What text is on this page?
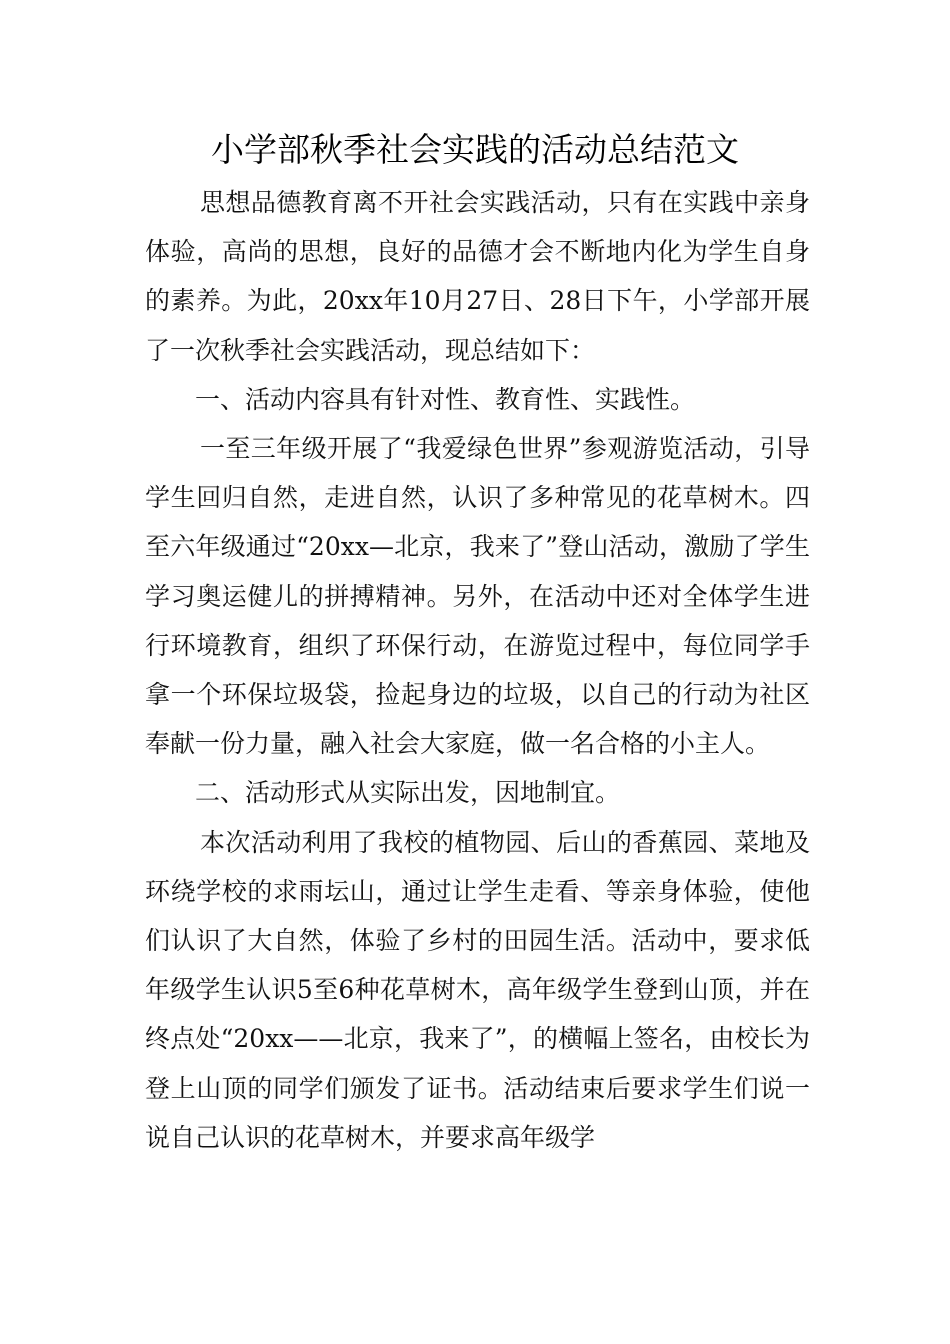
小学部秋季社会实践的活动总结范文

思想品德教育离不开社会实践活动，只有在实践中亲身体验，高尚的思想，良好的品德才会不断地内化为学生自身的素养。为此，20xx年10月27日、28日下午，小学部开展了一次秋季社会实践活动，现总结如下：

一、活动内容具有针对性、教育性、实践性。

一至三年级开展了“我爱绿色世界”参观游览活动，引导学生回归自然，走进自然，认识了多种常见的花草树木。四至六年级通过“20xx—北京，我来了”登山活动，激励了学生学习奥运健儿的拼搏精神。另外，在活动中还对全体学生进行环境教育，组织了环保行动，在游览过程中，每位同学手拿一个环保垃圾袋，捡起身边的垃圾，以自己的行动为社区奉献一份力量，融入社会大家庭，做一名合格的小主人。

二、活动形式从实际出发，因地制宜。

本次活动利用了我校的植物园、后山的香蕉园、菜地及环绕学校的求雨坛山，通过让学生走看、等亲身体验，使他们认识了大自然，体验了乡村的田园生活。活动中，要求低年级学生认识5至6种花草树木，高年级学生登到山顶，并在终点处“20xx——北京，我来了”，的横幅上签名，由校长为登上山顶的同学们颁发了证书。活动结束后要求学生们说一说自己认识的花草树木，并要求高年级学
